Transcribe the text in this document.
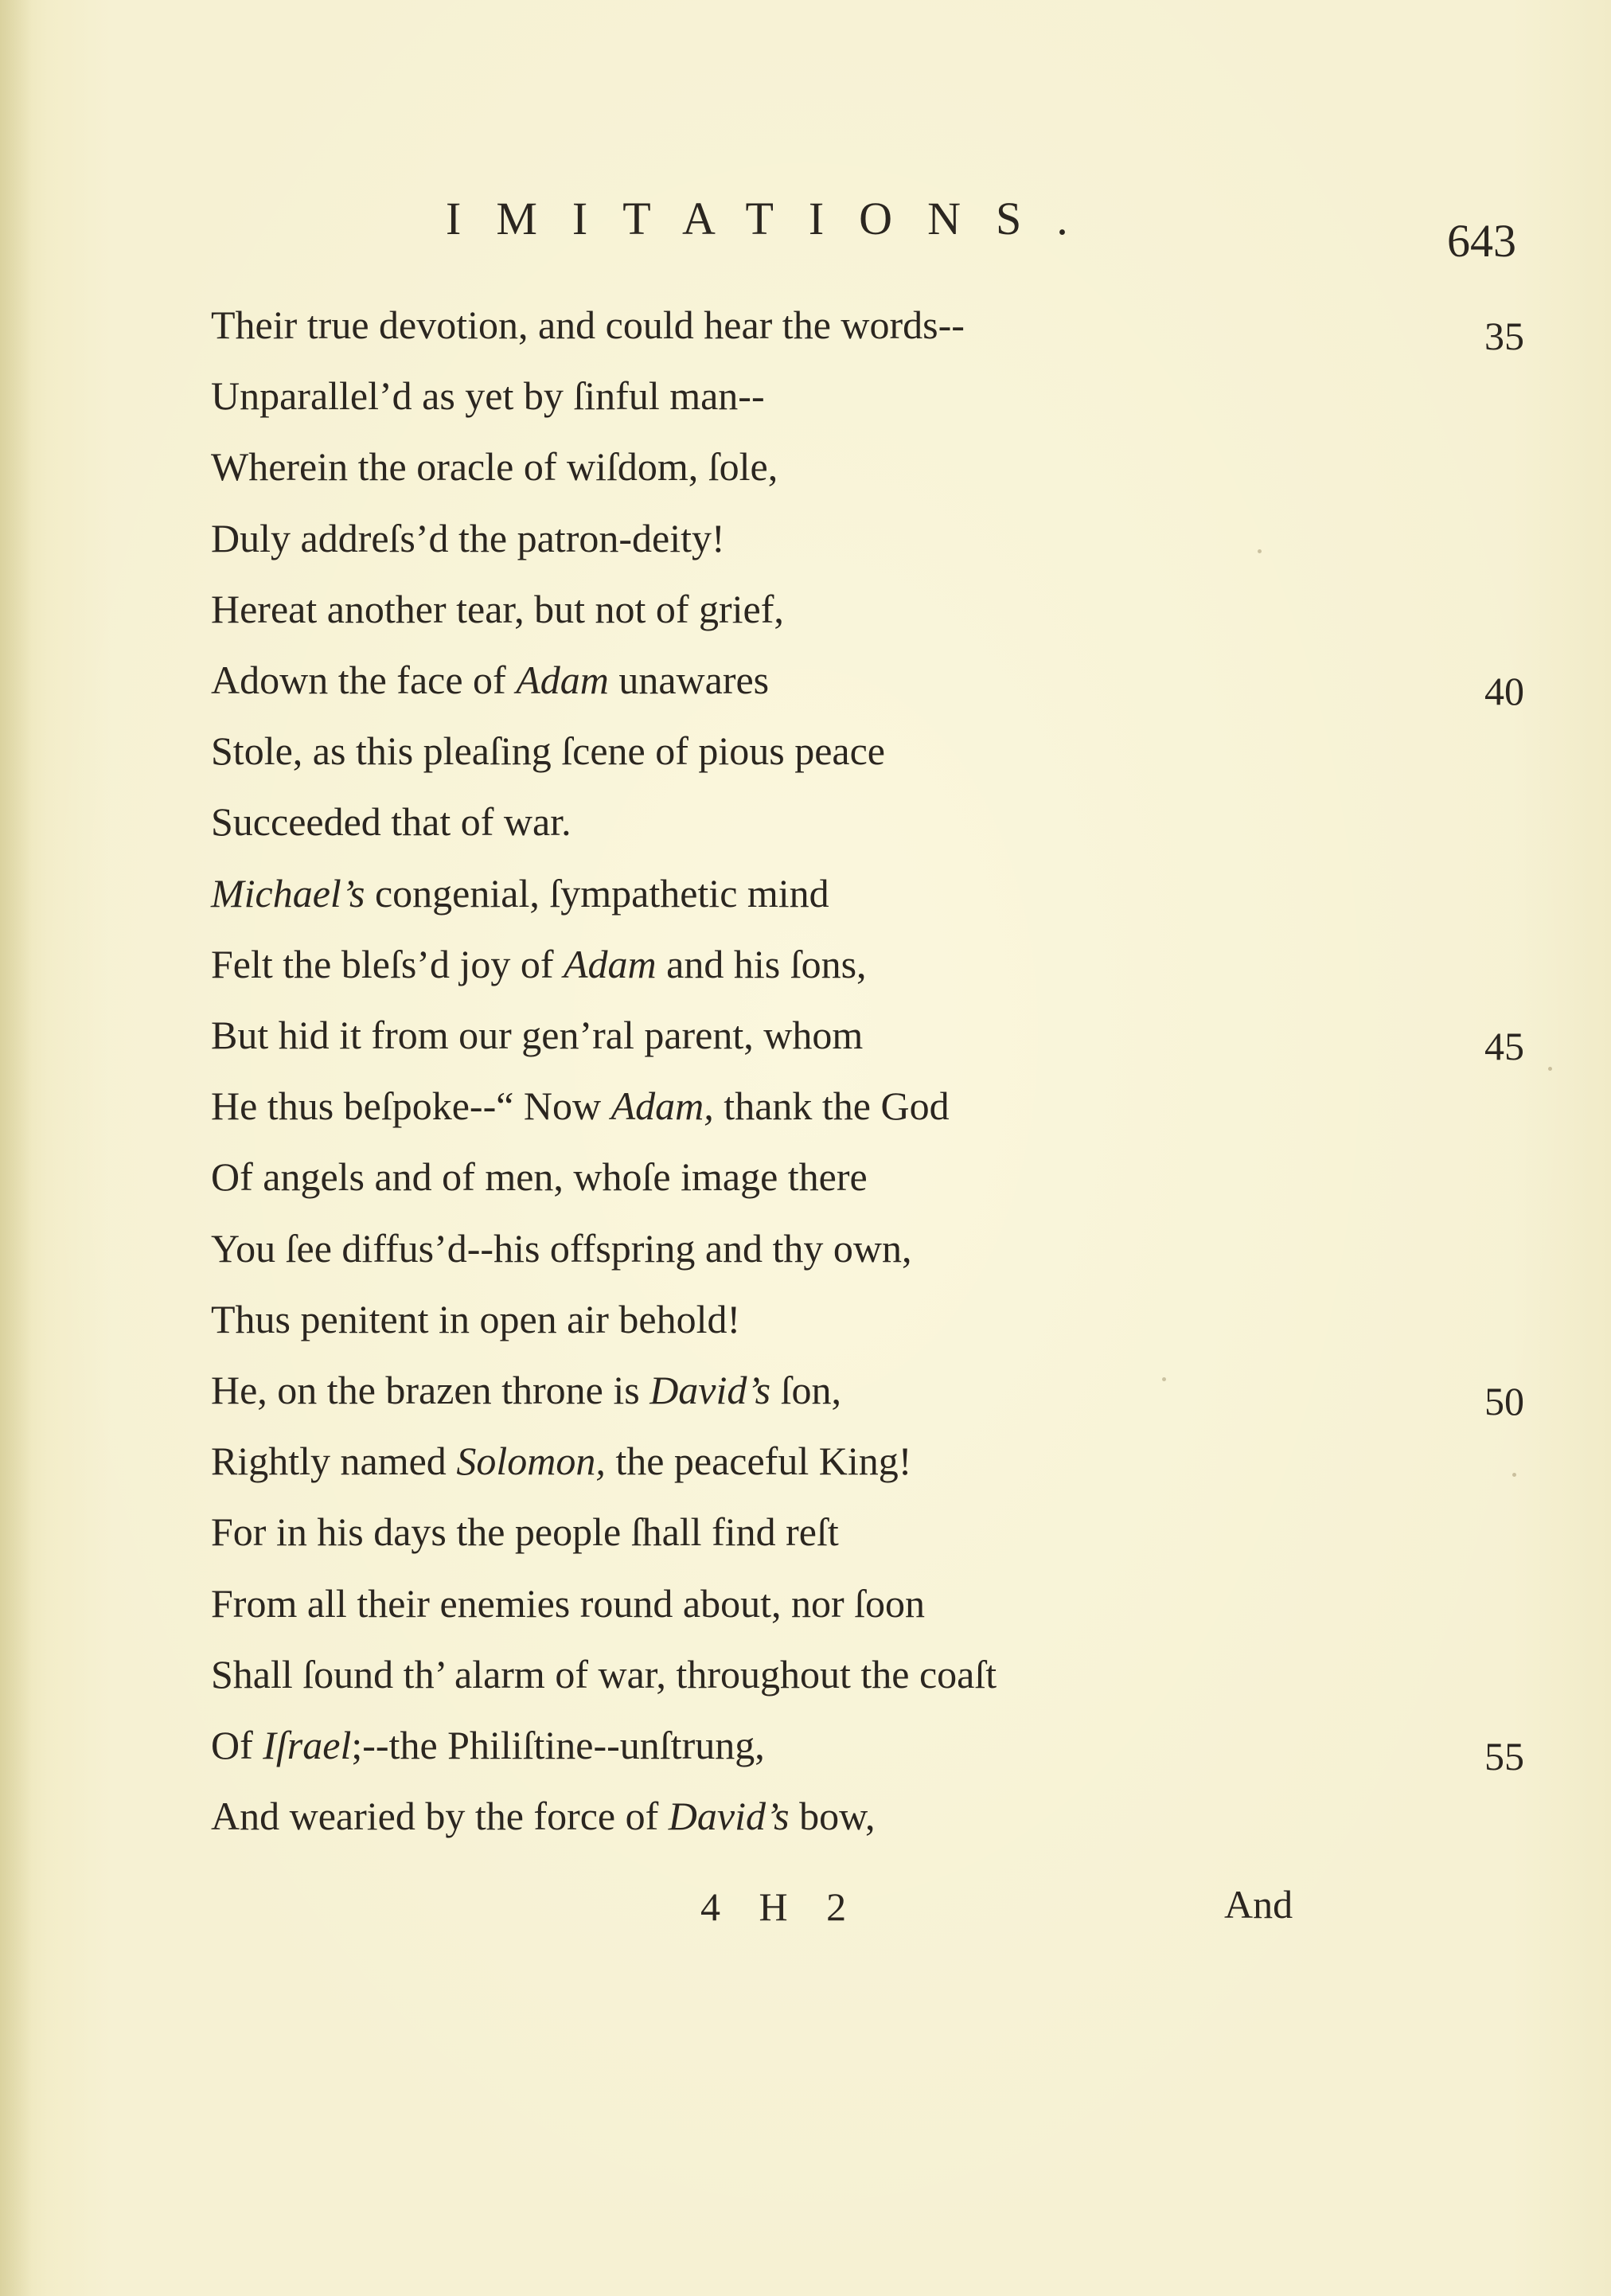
IMITATIONS.	643
Their true devotion, and could hear the words--	35
Unparallel’d as yet by ſinful man--
Wherein the oracle of wiſdom, ſole,
Duly addreſs’d the patron-deity!
Hereat another tear, but not of grief,
Adown the face of Adam unawares	40
Stole, as this pleaſing ſcene of pious peace
Succeeded that of war.
Michael’s congenial, ſympathetic mind
Felt the bleſs’d joy of Adam and his ſons,
But hid it from our gen’ral parent, whom	45
He thus beſpoke--“ Now Adam, thank the God
Of angels and of men, whoſe image there
You ſee diffus’d--his offspring and thy own,
Thus penitent in open air behold!
He, on the brazen throne is David’s ſon,	50
Rightly named Solomon, the peaceful King!
For in his days the people ſhall find reſt
From all their enemies round about, nor ſoon
Shall ſound th’ alarm of war, throughout the coaſt
Of Iſrael;--the Philiſtine--unſtrung,	55
And wearied by the force of David’s bow,
4 H 2	And
